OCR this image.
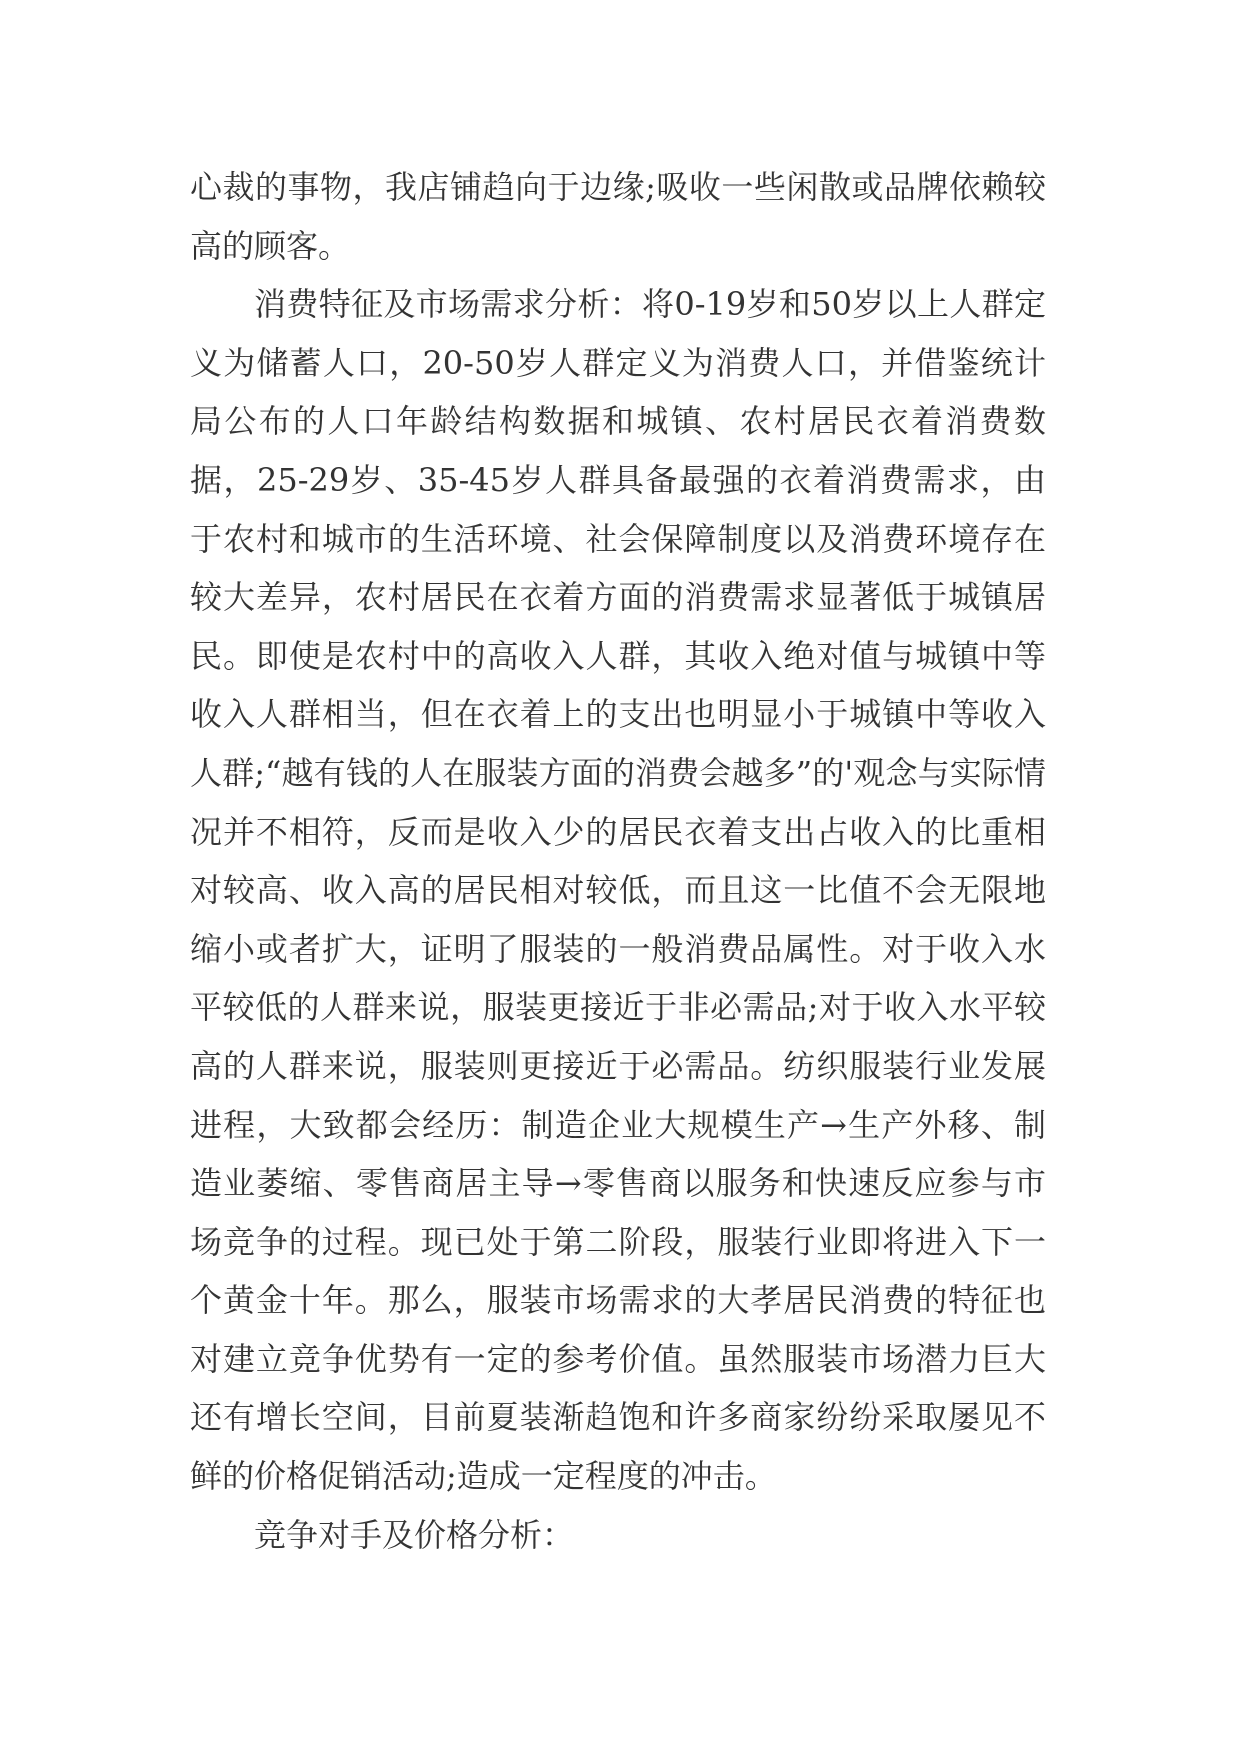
心裁的事物，我店铺趋向于边缘;吸收一些闲散或品牌依赖较高的顾客。

消费特征及市场需求分析：将0-19岁和50岁以上人群定义为储蓄人口，20-50岁人群定义为消费人口，并借鉴统计局公布的人口年龄结构数据和城镇、农村居民衣着消费数据，25-29岁、35-45岁人群具备最强的衣着消费需求，由于农村和城市的生活环境、社会保障制度以及消费环境存在较大差异，农村居民在衣着方面的消费需求显著低于城镇居民。即使是农村中的高收入人群，其收入绝对值与城镇中等收入人群相当，但在衣着上的支出也明显小于城镇中等收入人群;“越有钱的人在服装方面的消费会越多”的'观念与实际情况并不相符，反而是收入少的居民衣着支出占收入的比重相对较高、收入高的居民相对较低，而且这一比值不会无限地缩小或者扩大，证明了服装的一般消费品属性。对于收入水平较低的人群来说，服装更接近于非必需品;对于收入水平较高的人群来说，服装则更接近于必需品。纺织服装行业发展进程，大致都会经历：制造企业大规模生产→生产外移、制造业萎缩、零售商居主导→零售商以服务和快速反应参与市场竞争的过程。现已处于第二阶段，服装行业即将进入下一个黄金十年。那么，服装市场需求的大孝居民消费的特征也对建立竞争优势有一定的参考价值。虽然服装市场潜力巨大还有增长空间，目前夏装渐趋饱和许多商家纷纷采取屡见不鲜的价格促销活动;造成一定程度的冲击。

竞争对手及价格分析：
